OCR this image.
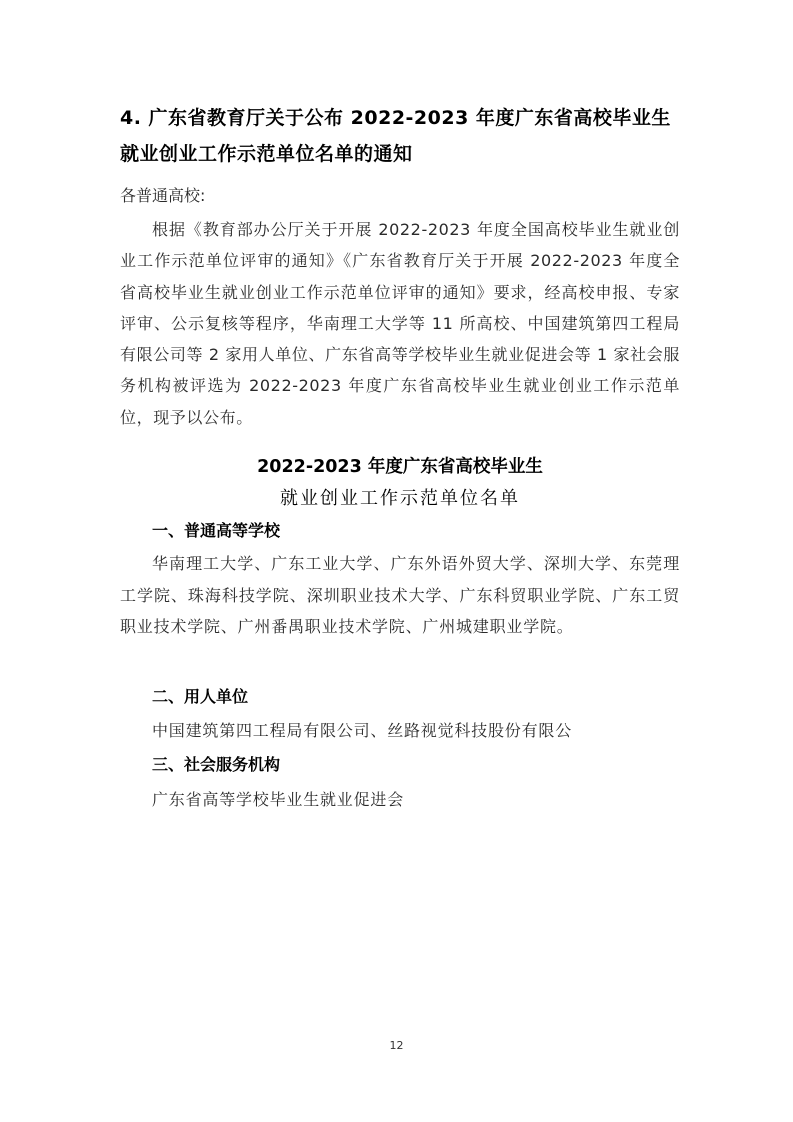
4. 广东省教育厅关于公布 2022-2023 年度广东省高校毕业生就业创业工作示范单位名单的通知
各普通高校:
根据《教育部办公厅关于开展 2022-2023 年度全国高校毕业生就业创业工作示范单位评审的通知》《广东省教育厅关于开展 2022-2023 年度全省高校毕业生就业创业工作示范单位评审的通知》要求，经高校申报、专家评审、公示复核等程序，华南理工大学等 11 所高校、中国建筑第四工程局有限公司等 2 家用人单位、广东省高等学校毕业生就业促进会等 1 家社会服务机构被评选为 2022-2023 年度广东省高校毕业生就业创业工作示范单位，现予以公布。
2022-2023 年度广东省高校毕业生
就业创业工作示范单位名单
一、普通高等学校
华南理工大学、广东工业大学、广东外语外贸大学、深圳大学、东莞理工学院、珠海科技学院、深圳职业技术大学、广东科贸职业学院、广东工贸职业技术学院、广州番禺职业技术学院、广州城建职业学院。
二、用人单位
中国建筑第四工程局有限公司、丝路视觉科技股份有限公
三、社会服务机构
广东省高等学校毕业生就业促进会
12
